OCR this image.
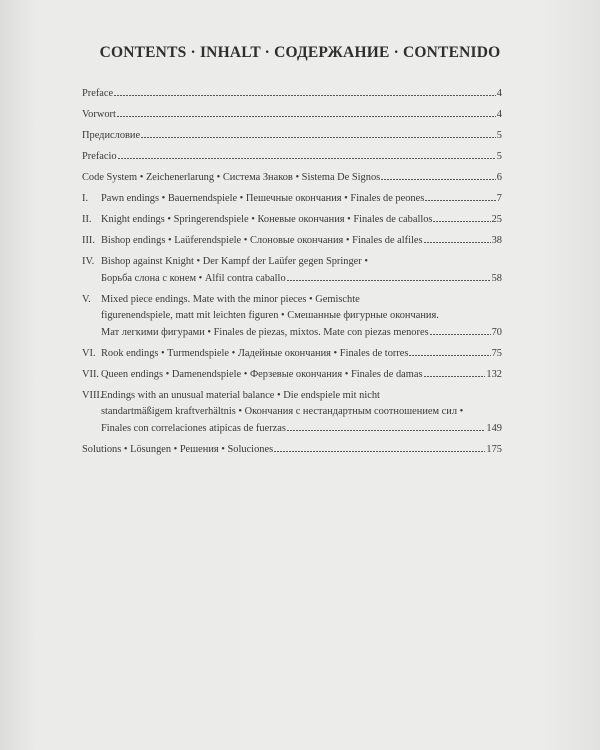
CONTENTS · INHALT · СОДЕРЖАНИЕ · CONTENIDO
Preface	4
Vorwort	4
Предисловие	5
Prefacio	5
Code System • Zeichenerlarung • Система Знаков • Sistema De Signos	6
I.	Pawn endings • Bauernendspiele • Пешечные окончания • Finales de peones	7
II. Knight endings • Springerendspiele • Коневые окончания • Finales de caballos	25
III. Bishop endings • Laüferendspiele • Слоновые окончания • Finales de alfiles	38
IV. Bishop against Knight • Der Kampf der Laüfer gegen Springer •
Борьба слона с конем • Alfil contra caballo	58
V. Mixed piece endings. Mate with the minor pieces • Gemischte
figurenendspiele, matt mit leichten figuren • Смешанные фигурные окончания.
Мат легкими фигурами • Finales de piezas, mixtos. Mate con piezas menores	70
VI. Rook endings • Turmendspiele • Ладейные окончания • Finales de torres	75
VII. Queen endings • Damenendspiele • Ферзевые окончания • Finales de damas	132
VIII.
Endings with an unusual material balance • Die endspiele mit nicht
standartmäßigem kraftverhältnis • Окончания с нестандартным соотношением сил •
Finales con correlaciones atipicas de fuerzas	149
Solutions • Lösungen • Решения • Soluciones	175
